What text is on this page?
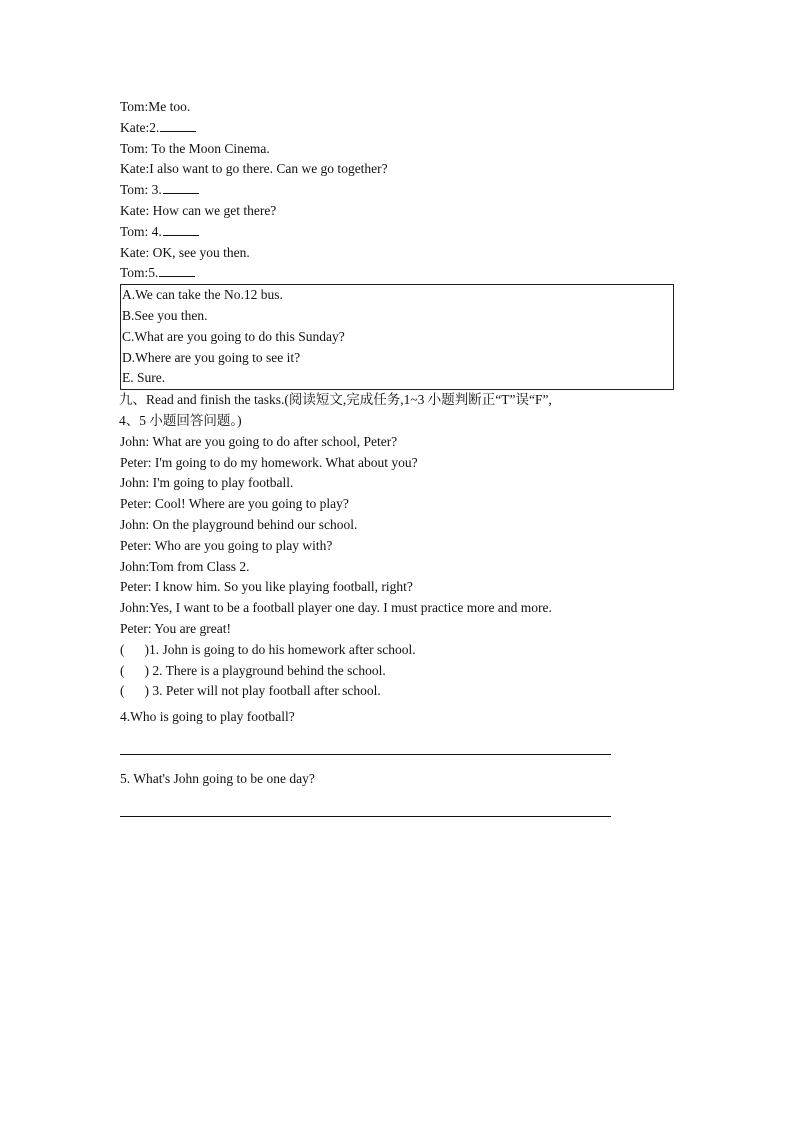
Tom:Me too.
Kate:2.
Tom: To the Moon Cinema.
Kate:I also want to go there. Can we go together?
Tom: 3.
Kate: How can we get there?
Tom: 4.
Kate: OK, see you then.
Tom:5.
A.We can take the No.12 bus.
B.See you then.
C.What are you going to do this Sunday?
D.Where are you going to see it?
E. Sure.
九、Read and finish the tasks.(阅读短文,完成任务,1~3 小题判断正“T”误“F”,
4、5 小题回答问题。)
John: What are you going to do after school, Peter?
Peter: I'm going to do my homework. What about you?
John: I'm going to play football.
Peter: Cool! Where are you going to play?
John: On the playground behind our school.
Peter: Who are you going to play with?
John:Tom from Class 2.
Peter: I know him. So you like playing football, right?
John:Yes, I want to be a football player one day. I must practice more and more.
Peter: You are great!
( )1. John is going to do his homework after school.
( ) 2. There is a playground behind the school.
( ) 3. Peter will not play football after school.
4.Who is going to play football?
5. What's John going to be one day?
